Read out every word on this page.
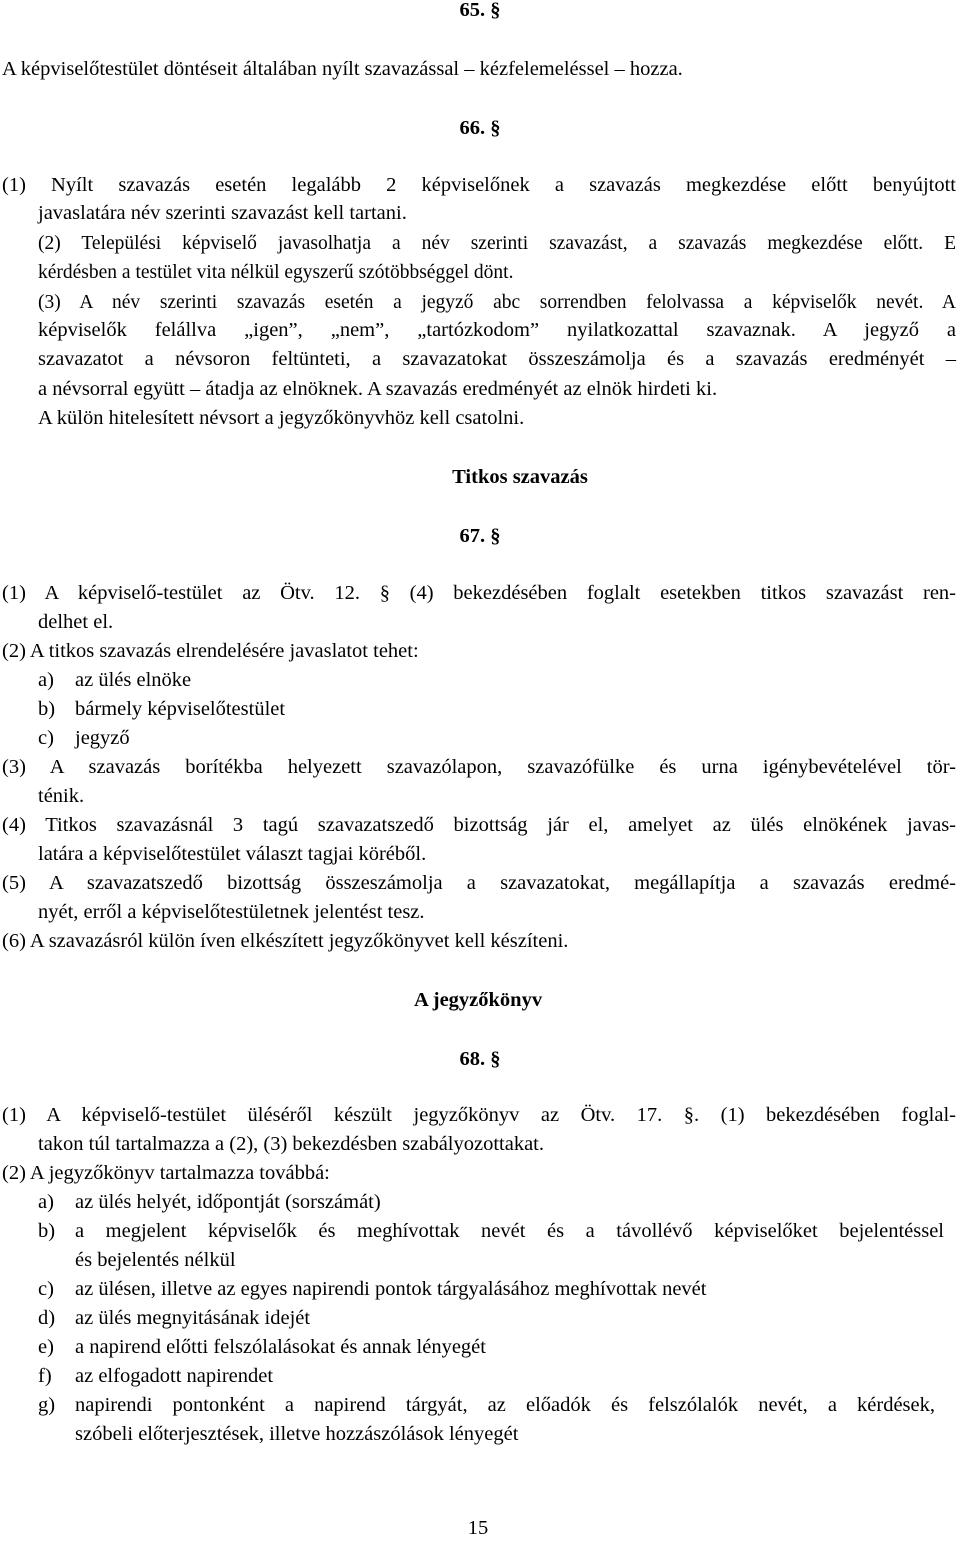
65. §
A képviselőtestület döntéseit általában nyílt szavazással – kézfelemeléssel – hozza.
66. §
(1) Nyílt szavazás esetén legalább 2 képviselőnek a szavazás megkezdése előtt benyújtott
javaslatára név szerinti szavazást kell tartani.
(2) Települési képviselő javasolhatja a név szerinti szavazást, a szavazás megkezdése előtt. E
kérdésben a testület vita nélkül egyszerű szótöbbséggel dönt.
(3) A név szerinti szavazás esetén a jegyző abc sorrendben felolvassa a képviselők nevét. A
képviselők felállva „igen”, „nem”, „tartózkodom” nyilatkozattal szavaznak. A jegyző a
szavazatot a névsoron feltünteti, a szavazatokat összeszámolja és a szavazás eredményét –
a névsorral együtt – átadja az elnöknek. A szavazás eredményét az elnök hirdeti ki.
A külön hitelesített névsort a jegyzőkönyvhöz kell csatolni.
Titkos szavazás
67. §
(1) A képviselő-testület az Ötv. 12. § (4) bekezdésében foglalt esetekben titkos szavazást ren-
delhet el.
(2) A titkos szavazás elrendelésére javaslatot tehet:
a) az ülés elnöke
b) bármely képviselőtestület
c) jegyző
(3) A szavazás borítékba helyezett szavazólapon, szavazófülke és urna igénybevételével tör-
ténik.
(4) Titkos szavazásnál 3 tagú szavazatszedő bizottság jár el, amelyet az ülés elnökének javas-
latára a képviselőtestület választ tagjai köréből.
(5) A szavazatszedő bizottság összeszámolja a szavazatokat, megállapítja a szavazás eredmé-
nyét, erről a képviselőtestületnek jelentést tesz.
(6) A szavazásról külön íven elkészített jegyzőkönyvet kell készíteni.
A jegyzőkönyv
68. §
(1) A képviselő-testület üléséről készült jegyzőkönyv az Ötv. 17. §. (1) bekezdésében foglal-
takon túl tartalmazza a (2), (3) bekezdésben szabályozottakat.
(2) A jegyzőkönyv tartalmazza továbbá:
a) az ülés helyét, időpontját (sorszámát)
b) a megjelent képviselők és meghívottak nevét és a távollévő képviselőket bejelentéssel
és bejelentés nélkül
c) az ülésen, illetve az egyes napirendi pontok tárgyalásához meghívottak nevét
d) az ülés megnyitásának idejét
e) a napirend előtti felszólalásokat és annak lényegét
f) az elfogadott napirendet
g) napirendi pontonként a napirend tárgyát, az előadók és felszólalók nevét, a kérdések,
szóbeli előterjesztések, illetve hozzászólások lényegét
15
